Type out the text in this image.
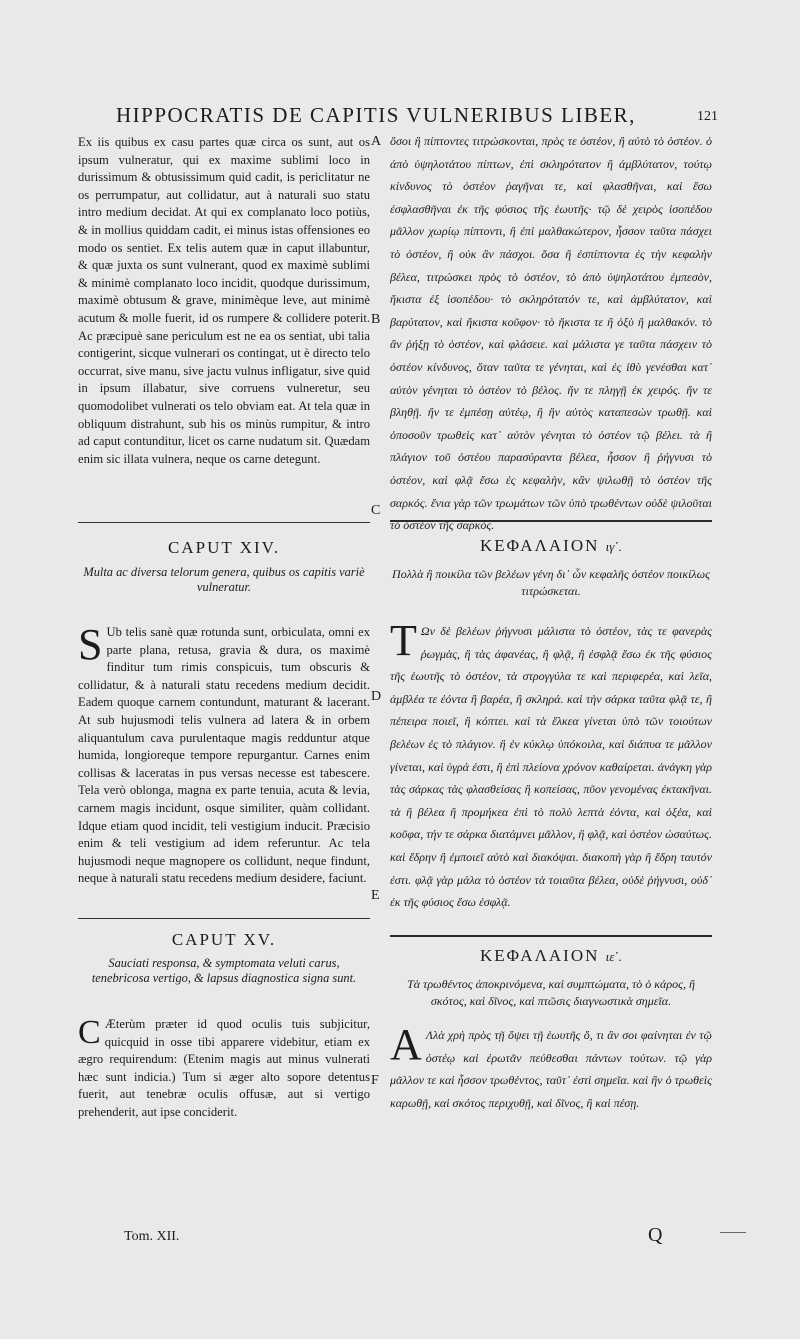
HIPPOCRATIS DE CAPITIS VULNERIBUS LIBER,	121
A
B
C
D
E
F

Ex iis quibus ex casu partes quæ circa os sunt, aut os ipsum vulneratur, qui ex maxime sublimi loco in durissimum & obtusissimum quid cadit, is periclitatur ne os perrumpatur, aut collidatur, aut à naturali suo statu intro medium decidat. At qui ex complanato loco potiùs, & in mollius quiddam cadit, ei minus istas offensiones eo modo os sentiet. Ex telis autem quæ in caput illabuntur, & quæ juxta os sunt vulnerant, quod ex maximè sublimi & minimè complanato loco incidit, quodque durissimum, maximè obtusum & grave, minimèque leve, aut minimè acutum & molle fuerit, id os rumpere & collidere poterit. Ac præcipuè sane periculum est ne ea os sentiat, ubi talia contigerint, sicque vulnerari os contingat, ut è directo telo occurrat, sive manu, sive jactu vulnus infligatur, sive quid in ipsum illabatur, sive corruens vulneretur, seu quomodolibet vulnerati os telo obviam eat. At tela quæ in obliquum distrahunt, sub his os minùs rumpitur, & intro ad caput contunditur, licet os carne nudatum sit. Quædam enim sic illata vulnera, neque os carne detegunt.

CAPUT XIV.
Multa ac diversa telorum genera, quibus os capitis variè vulneratur.

S Ub telis sanè quæ rotunda sunt, orbiculata, omni ex parte plana, retusa, gravia & dura, os maximè finditur tum rimis conspicuis, tum obscuris & collidatur, & à naturali statu recedens medium decidit. Eadem quoque carnem contundunt, maturant & lacerant. At sub hujusmodi telis vulnera ad latera & in orbem aliquantulum cava purulentaque magis redduntur atque humida, longioreque tempore repurgantur. Carnes enim collisas & laceratas in pus versas necesse est tabescere. Tela verò oblonga, magna ex parte tenuia, acuta & levia, carnem magis incidunt, osque similiter, quàm collidant. Idque etiam quod incidit, teli vestigium inducit. Præcisio enim & teli vestigium ad idem referuntur. Ac tela hujusmodi neque magnopere os collidunt, neque findunt, neque à naturali statu recedens medium desidere, faciunt.

CAPUT XV.
Sauciati responsa, & symptomata veluti carus, tenebricosa vertigo, & lapsus diagnostica signa sunt.

C Æterùm præter id quod oculis tuis subjicitur, quicquid in osse tibi apparere videbitur, etiam ex ægro requirendum: (Etenim magis aut minus vulnerati hæc sunt indicia.) Tum si æger alto sopore detentus fuerit, aut tenebræ oculis offusæ, aut si vertigo prehenderit, aut ipse conciderit.

ὅσοι ἢ πίπτοντες τιτρώσκονται, πρὸς τε ὀστέον, ἢ αὐτὸ τὸ ὀστέον. ὁ ἀπὸ ὑψηλοτάτου πίπτων, ἐπὶ σκληρότατον ἢ ἀμβλύτατον, τούτῳ κίνδυνος τὸ ὀστέον ῥαγῆναι τε, καὶ φλασθῆναι, καὶ ἔσω ἐσφλασθῆναι ἐκ τῆς φύσιος τῆς ἑωυτῆς· τῷ δὲ χειρὸς ἰσοπέδου μᾶλλον χωρίῳ πίπτοντι, ἢ ἐπὶ μαλθακώτερον, ἧσσον ταῦτα πάσχει τὸ ὀστέον, ἢ οὐκ ἂν πάσχοι. ὅσα ἢ ἐσπίπτοντα ἐς τὴν κεφαλὴν βέλεα, τιτρώσκει πρὸς τὸ ὀστέον, τὸ ἀπὸ ὑψηλοτάτου ἐμπεσὸν, ἥκιστα ἐξ ἰσοπέδου· τὸ σκληρότατόν τε, καὶ ἀμβλύτατον, καὶ βαρύτατον, καὶ ἥκιστα κοῦφον· τὸ ἥκιστα τε ἢ ὀξὺ ἢ μαλθακόν. τὸ ἂν ῥήξῃ τὸ ὀστέον, καὶ φλάσειε. καὶ μάλιστα γε ταῦτα πάσχειν τὸ ὀστέον κίνδυνος, ὅταν ταῦτα τε γένηται, καὶ ἐς ἰθὺ γενέσθαι κατ᾽ αὐτὸν γένηται τὸ ὀστέον τὸ βέλος. ἤν τε πληγῇ ἐκ χειρός. ἤν τε βληθῇ. ἤν τε ἐμπέσῃ αὐτέῳ, ἢ ἢν αὐτὸς καταπεσὼν τρωθῇ. καὶ ὁποσοῦν τρωθεὶς κατ᾽ αὐτὸν γένηται τὸ ὀστέον τῷ βέλει. τὰ ἢ πλάγιον τοῦ ὀστέου παρασύραντα βέλεα, ἧσσον ἢ ῥήγνυσι τὸ ὀστέον, καὶ φλᾷ ἔσω ἐς κεφαλὴν, κἂν ψιλωθῇ τὸ ὀστέον τῆς σαρκός. ἔνια γὰρ τῶν τρωμάτων τῶν ὑπὸ τρωθέντων οὐδὲ ψιλοῦται τὸ ὀστέον τῆς σαρκός.

ΚΕΦΑΛΑΙΟΝ ιγ΄.
Πολλὰ ἢ ποικίλα τῶν βελέων γένη δι᾽ ὧν κεφαλῆς ὀστέον ποικίλως τιτρώσκεται.

Τ Ων δὲ βελέων ῥήγνυσι μάλιστα τὸ ὀστέον, τὰς τε φανερὰς ῥωγμὰς, ἢ τὰς ἀφανέας, ἢ φλᾷ, ἢ ἐσφλᾷ ἔσω ἐκ τῆς φύσιος τῆς ἑωυτῆς τὸ ὀστέον, τὰ στρογγύλα τε καὶ περιφερέα, καὶ λεῖα, ἀμβλέα τε ἐόντα ἢ βαρέα, ἢ σκληρά. καὶ τὴν σάρκα ταῦτα φλᾷ τε, ἢ πέπειρα ποιεῖ, ἢ κόπτει. καὶ τὰ ἕλκεα γίνεται ὑπὸ τῶν τοιούτων βελέων ἐς τὸ πλάγιον. ἢ ἐν κύκλῳ ὑπόκοιλα, καὶ διάπυα τε μᾶλλον γίνεται, καὶ ὑγρά ἐστι, ἢ ἐπὶ πλείονα χρόνον καθαίρεται. ἀνάγκη γὰρ τὰς σάρκας τὰς φλασθείσας ἢ κοπείσας, πῦον γενομένας ἐκτακῆναι. τὰ ἢ βέλεα ἢ προμήκεα ἐπὶ τὸ πολὺ λεπτὰ ἐόντα, καὶ ὀξέα, καὶ κοῦφα, τήν τε σάρκα διατάμνει μᾶλλον, ἢ φλᾷ, καὶ ὀστέον ὡσαύτως. καὶ ἕδρην ἢ ἐμποιεῖ αὐτὸ καὶ διακόψαι. διακοπὴ γὰρ ἢ ἕδρη ταυτόν ἐστι. φλᾷ γὰρ μάλα τὸ ὀστέον τὰ τοιαῦτα βέλεα, οὐδὲ ῥήγνυσι, οὐδ᾽ ἐκ τῆς φύσιος ἔσω ἐσφλᾷ.

ΚΕΦΑΛΑΙΟΝ ιε΄.
Τὰ τρωθέντος ἀποκρινόμενα, καὶ συμπτώματα, τὸ ὁ κάρος, ἢ σκότος, καὶ δῖνος, καὶ πτῶσις διαγνωστικὰ σημεῖα.

Α Λλὰ χρὴ πρὸς τῇ ὄψει τῇ ἑωυτῆς ὅ, τι ἂν σοι φαίνηται ἐν τῷ ὀστέῳ καὶ ἐρωτᾶν πεύθεσθαι πάντων τούτων. τῷ γὰρ μᾶλλον τε καὶ ἧσσον τρωθέντος, ταῦτ᾽ ἐστὶ σημεῖα. καὶ ἢν ὁ τρωθεὶς καρωθῇ, καὶ σκότος περιχυθῇ, καὶ δῖνος, ἢ καὶ πέσῃ.

Tom. XII.	Q
